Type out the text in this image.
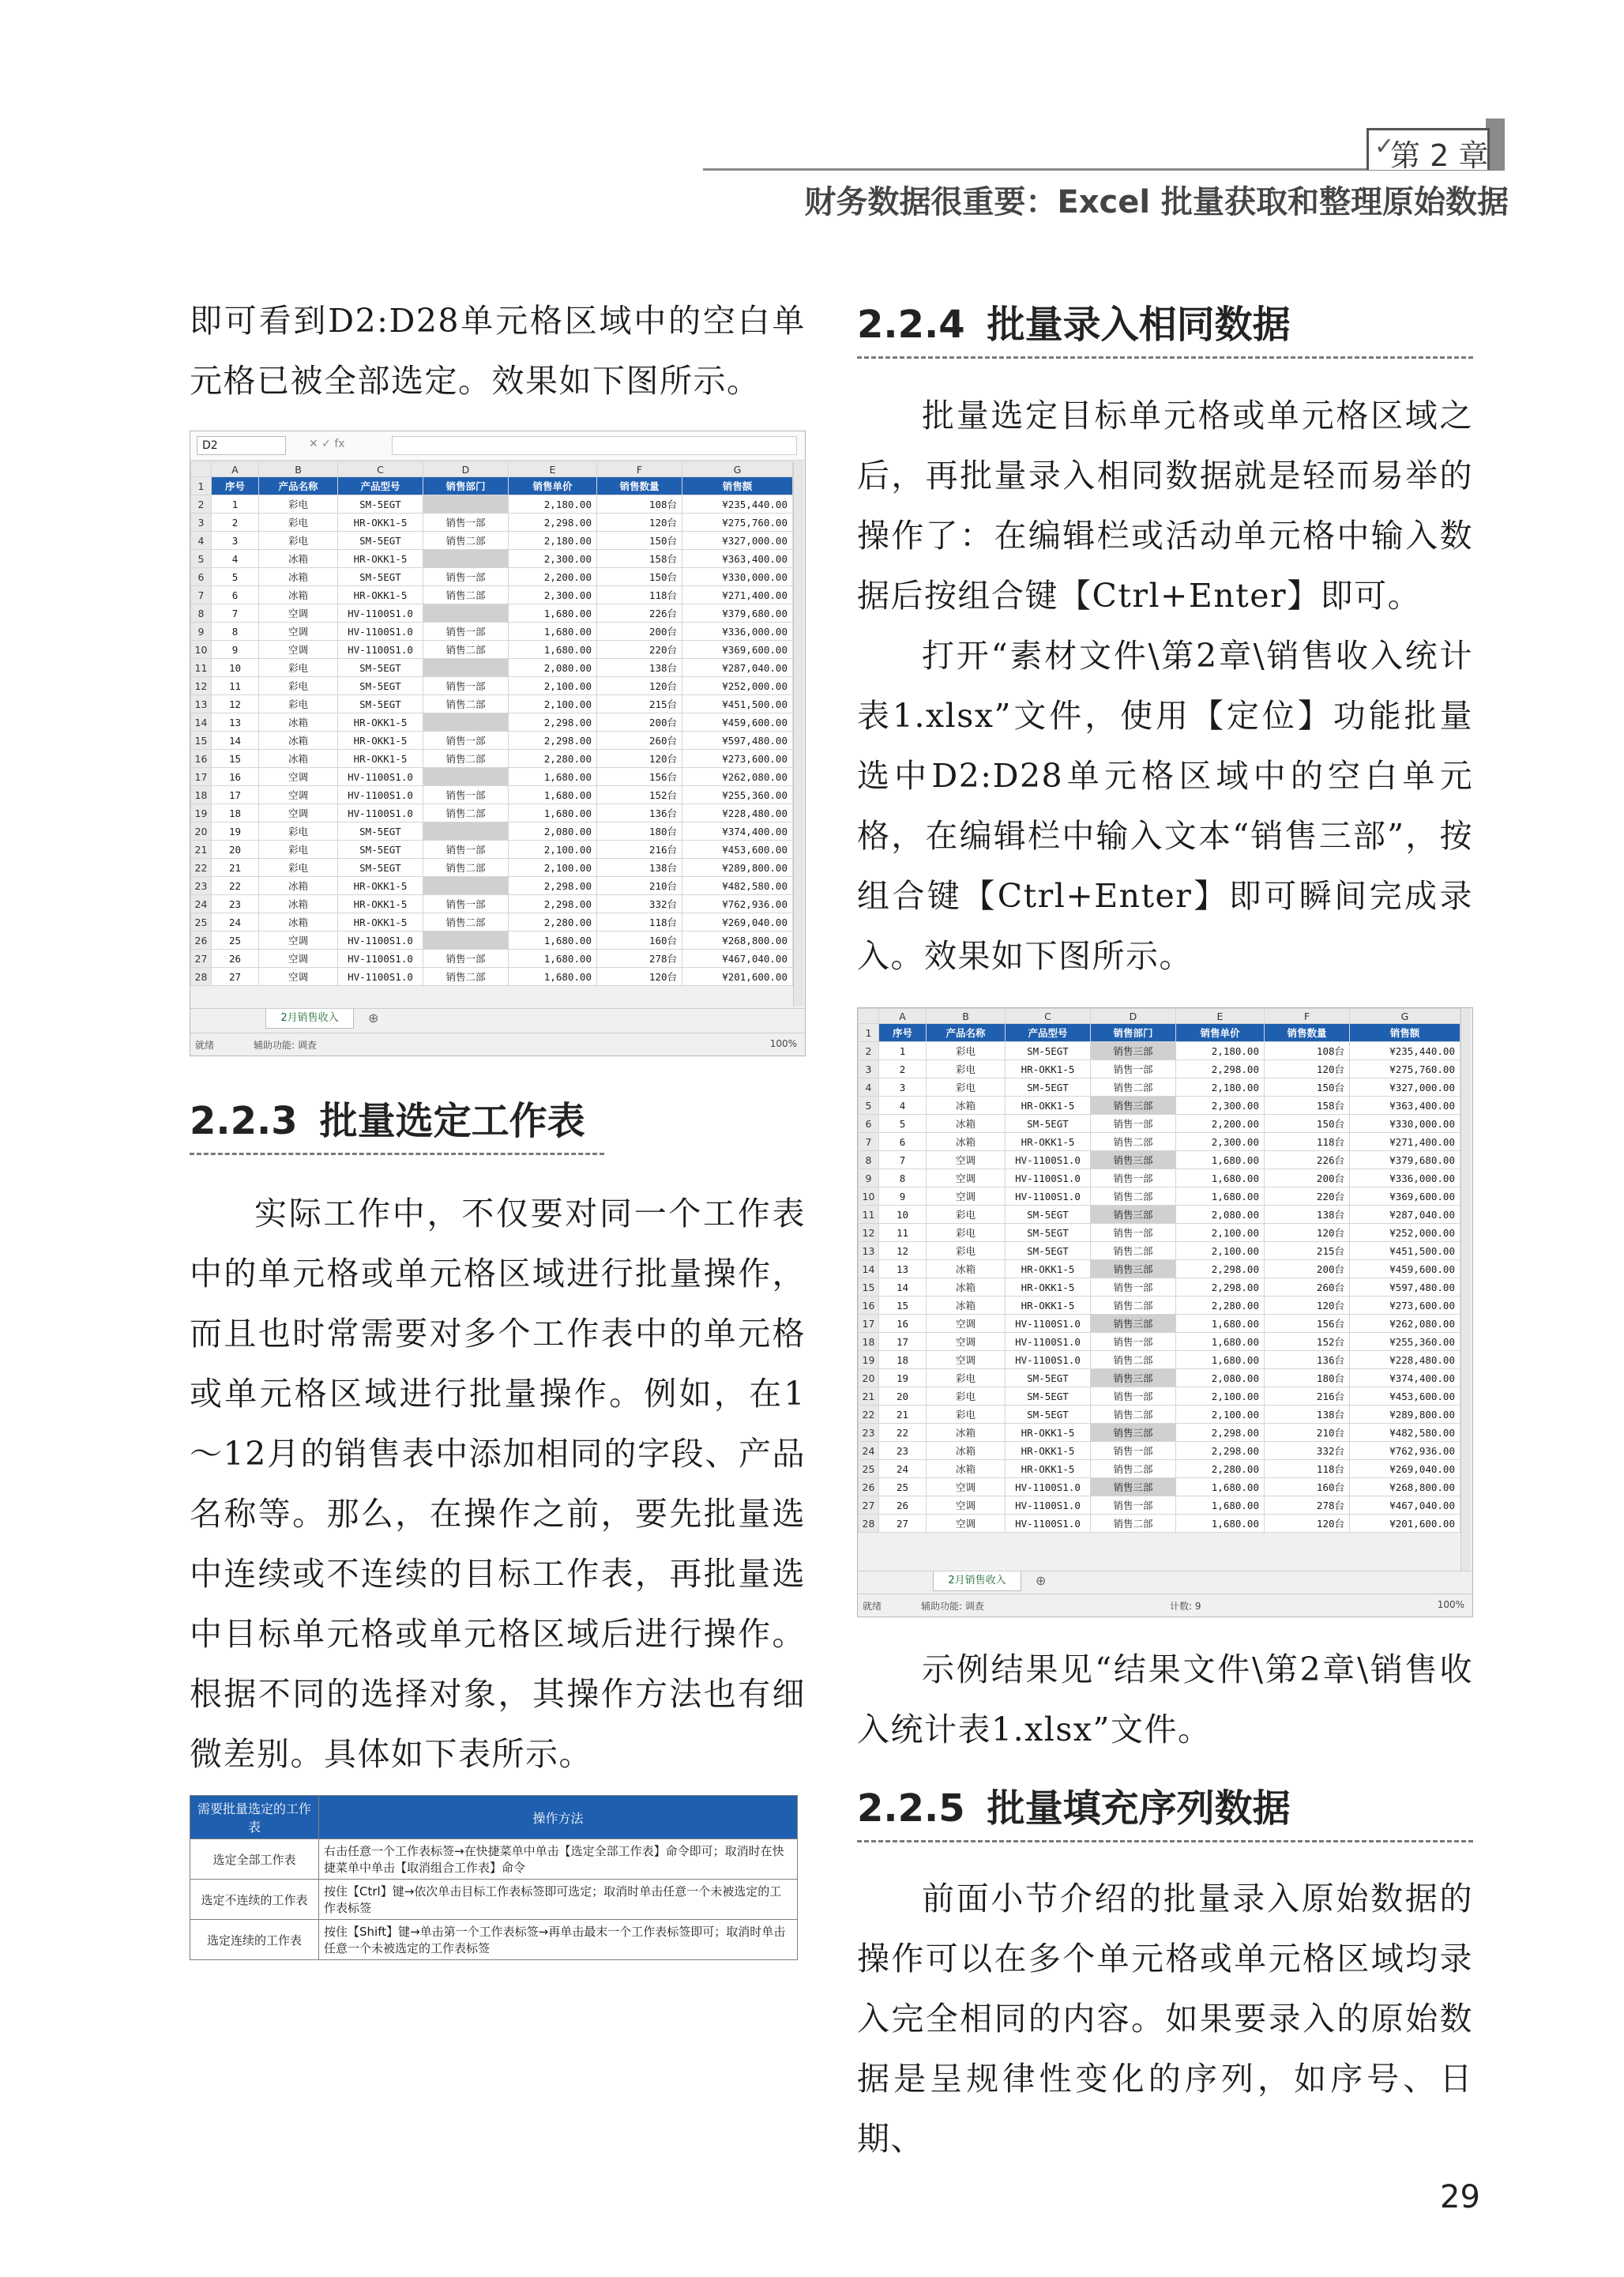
✓
第 2 章
财务数据很重要：Excel 批量获取和整理原始数据

即可看到D2:D28单元格区域中的空白单元格已被全部选定。效果如下图所示。

D2	✕ ✓ fx
	A	B	C	D	E	F	G
1	序号	产品名称	产品型号	销售部门	销售单价	销售数量	销售额
2	1	彩电	SM-5EGT		2,180.00	108台	¥235,440.00
3	2	彩电	HR-OKK1-5	销售一部	2,298.00	120台	¥275,760.00
4	3	彩电	SM-5EGT	销售二部	2,180.00	150台	¥327,000.00
5	4	冰箱	HR-OKK1-5		2,300.00	158台	¥363,400.00
6	5	冰箱	SM-5EGT	销售一部	2,200.00	150台	¥330,000.00
7	6	冰箱	HR-OKK1-5	销售二部	2,300.00	118台	¥271,400.00
8	7	空调	HV-1100S1.0		1,680.00	226台	¥379,680.00
9	8	空调	HV-1100S1.0	销售一部	1,680.00	200台	¥336,000.00
10	9	空调	HV-1100S1.0	销售二部	1,680.00	220台	¥369,600.00
11	10	彩电	SM-5EGT		2,080.00	138台	¥287,040.00
12	11	彩电	SM-5EGT	销售一部	2,100.00	120台	¥252,000.00
13	12	彩电	SM-5EGT	销售二部	2,100.00	215台	¥451,500.00
14	13	冰箱	HR-OKK1-5		2,298.00	200台	¥459,600.00
15	14	冰箱	HR-OKK1-5	销售一部	2,298.00	260台	¥597,480.00
16	15	冰箱	HR-OKK1-5	销售二部	2,280.00	120台	¥273,600.00
17	16	空调	HV-1100S1.0		1,680.00	156台	¥262,080.00
18	17	空调	HV-1100S1.0	销售一部	1,680.00	152台	¥255,360.00
19	18	空调	HV-1100S1.0	销售二部	1,680.00	136台	¥228,480.00
20	19	彩电	SM-5EGT		2,080.00	180台	¥374,400.00
21	20	彩电	SM-5EGT	销售一部	2,100.00	216台	¥453,600.00
22	21	彩电	SM-5EGT	销售二部	2,100.00	138台	¥289,800.00
23	22	冰箱	HR-OKK1-5		2,298.00	210台	¥482,580.00
24	23	冰箱	HR-OKK1-5	销售一部	2,298.00	332台	¥762,936.00
25	24	冰箱	HR-OKK1-5	销售二部	2,280.00	118台	¥269,040.00
26	25	空调	HV-1100S1.0		1,680.00	160台	¥268,800.00
27	26	空调	HV-1100S1.0	销售一部	1,680.00	278台	¥467,040.00
28	27	空调	HV-1100S1.0	销售二部	1,680.00	120台	¥201,600.00
2月销售收入	⊕
就绪	辅助功能: 调查	100%
2.2.3 批量选定工作表

实际工作中，不仅要对同一个工作表中的单元格或单元格区域进行批量操作，而且也时常需要对多个工作表中的单元格或单元格区域进行批量操作。例如，在1～12月的销售表中添加相同的字段、产品名称等。那么，在操作之前，要先批量选中连续或不连续的目标工作表，再批量选中目标单元格或单元格区域后进行操作。根据不同的选择对象，其操作方法也有细微差别。具体如下表所示。

需要批量选定的工作表	操作方法
选定全部工作表	右击任意一个工作表标签→在快捷菜单中单击【选定全部工作表】命令即可；取消时在快捷菜单中单击【取消组合工作表】命令
选定不连续的工作表	按住【Ctrl】键→依次单击目标工作表标签即可选定；取消时单击任意一个未被选定的工作表标签
选定连续的工作表	按住【Shift】键→单击第一个工作表标签→再单击最末一个工作表标签即可；取消时单击任意一个未被选定的工作表标签
2.2.4 批量录入相同数据

批量选定目标单元格或单元格区域之后，再批量录入相同数据就是轻而易举的操作了：在编辑栏或活动单元格中输入数据后按组合键【Ctrl+Enter】即可。

打开“素材文件\第2章\销售收入统计表1.xlsx”文件，使用【定位】功能批量选中D2:D28单元格区域中的空白单元格，在编辑栏中输入文本“销售三部”，按组合键【Ctrl+Enter】即可瞬间完成录入。效果如下图所示。

	A	B	C	D	E	F	G
1	序号	产品名称	产品型号	销售部门	销售单价	销售数量	销售额
2	1	彩电	SM-5EGT	销售三部	2,180.00	108台	¥235,440.00
3	2	彩电	HR-OKK1-5	销售一部	2,298.00	120台	¥275,760.00
4	3	彩电	SM-5EGT	销售二部	2,180.00	150台	¥327,000.00
5	4	冰箱	HR-OKK1-5	销售三部	2,300.00	158台	¥363,400.00
6	5	冰箱	SM-5EGT	销售一部	2,200.00	150台	¥330,000.00
7	6	冰箱	HR-OKK1-5	销售二部	2,300.00	118台	¥271,400.00
8	7	空调	HV-1100S1.0	销售三部	1,680.00	226台	¥379,680.00
9	8	空调	HV-1100S1.0	销售一部	1,680.00	200台	¥336,000.00
10	9	空调	HV-1100S1.0	销售二部	1,680.00	220台	¥369,600.00
11	10	彩电	SM-5EGT	销售三部	2,080.00	138台	¥287,040.00
12	11	彩电	SM-5EGT	销售一部	2,100.00	120台	¥252,000.00
13	12	彩电	SM-5EGT	销售二部	2,100.00	215台	¥451,500.00
14	13	冰箱	HR-OKK1-5	销售三部	2,298.00	200台	¥459,600.00
15	14	冰箱	HR-OKK1-5	销售一部	2,298.00	260台	¥597,480.00
16	15	冰箱	HR-OKK1-5	销售二部	2,280.00	120台	¥273,600.00
17	16	空调	HV-1100S1.0	销售三部	1,680.00	156台	¥262,080.00
18	17	空调	HV-1100S1.0	销售一部	1,680.00	152台	¥255,360.00
19	18	空调	HV-1100S1.0	销售二部	1,680.00	136台	¥228,480.00
20	19	彩电	SM-5EGT	销售三部	2,080.00	180台	¥374,400.00
21	20	彩电	SM-5EGT	销售一部	2,100.00	216台	¥453,600.00
22	21	彩电	SM-5EGT	销售二部	2,100.00	138台	¥289,800.00
23	22	冰箱	HR-OKK1-5	销售三部	2,298.00	210台	¥482,580.00
24	23	冰箱	HR-OKK1-5	销售一部	2,298.00	332台	¥762,936.00
25	24	冰箱	HR-OKK1-5	销售二部	2,280.00	118台	¥269,040.00
26	25	空调	HV-1100S1.0	销售三部	1,680.00	160台	¥268,800.00
27	26	空调	HV-1100S1.0	销售一部	1,680.00	278台	¥467,040.00
28	27	空调	HV-1100S1.0	销售二部	1,680.00	120台	¥201,600.00
2月销售收入	⊕
就绪	辅助功能: 调查	计数: 9	100%

示例结果见“结果文件\第2章\销售收入统计表1.xlsx”文件。

2.2.5 批量填充序列数据

前面小节介绍的批量录入原始数据的操作可以在多个单元格或单元格区域均录入完全相同的内容。如果要录入的原始数据是呈规律性变化的序列，如序号、日期、

29
